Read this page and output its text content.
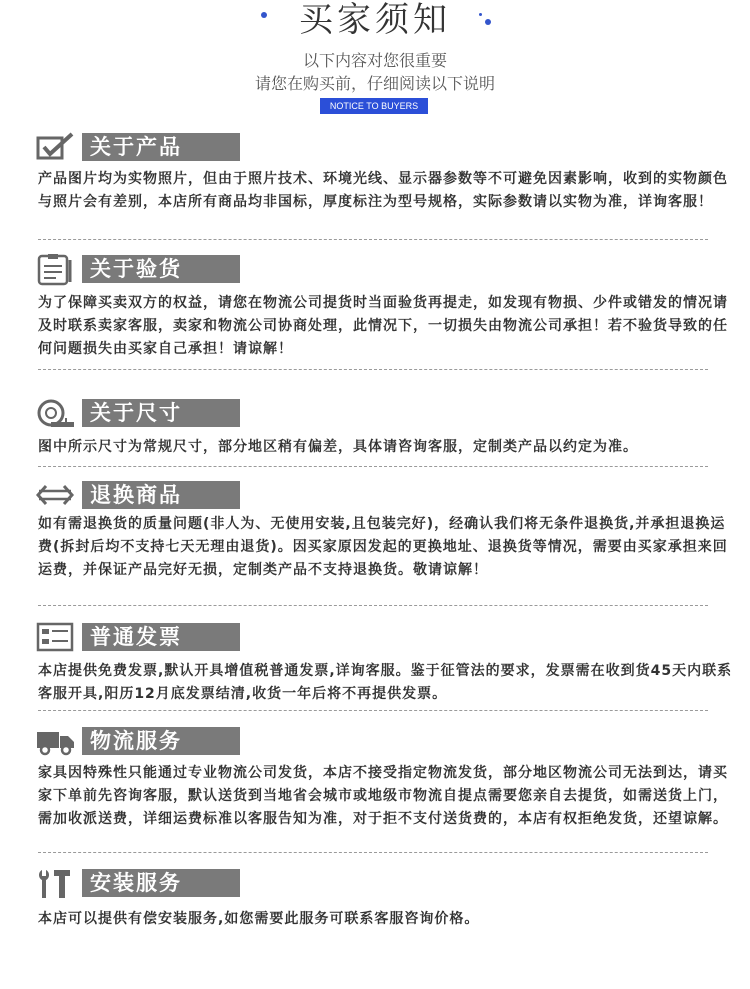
买家须知
以下内容对您很重要
请您在购买前，仔细阅读以下说明
NOTICE TO BUYERS
关于产品
产品图片均为实物照片，但由于照片技术、环境光线、显示器参数等不可避免因素影响，收到的实物颜色与照片会有差别，本店所有商品均非国标，厚度标注为型号规格，实际参数请以实物为准，详询客服！
关于验货
为了保障买卖双方的权益，请您在物流公司提货时当面验货再提走，如发现有物损、少件或错发的情况请及时联系卖家客服，卖家和物流公司协商处理，此情况下，一切损失由物流公司承担！若不验货导致的任何问题损失由买家自己承担！请谅解！
关于尺寸
图中所示尺寸为常规尺寸，部分地区稍有偏差，具体请咨询客服，定制类产品以约定为准。
退换商品
如有需退换货的质量问题(非人为、无使用安装,且包装完好)，经确认我们将无条件退换货,并承担退换运费(拆封后均不支持七天无理由退货)。因买家原因发起的更换地址、退换货等情况，需要由买家承担来回运费，并保证产品完好无损，定制类产品不支持退换货。敬请谅解！
普通发票
本店提供免费发票,默认开具增值税普通发票,详询客服。鉴于征管法的要求，发票需在收到货45天内联系客服开具,阳历12月底发票结清,收货一年后将不再提供发票。
物流服务
家具因特殊性只能通过专业物流公司发货，本店不接受指定物流发货，部分地区物流公司无法到达，请买家下单前先咨询客服，默认送货到当地省会城市或地级市物流自提点需要您亲自去提货，如需送货上门，需加收派送费，详细运费标准以客服告知为准，对于拒不支付送货费的，本店有权拒绝发货，还望谅解。
安装服务
本店可以提供有偿安装服务,如您需要此服务可联系客服咨询价格。
